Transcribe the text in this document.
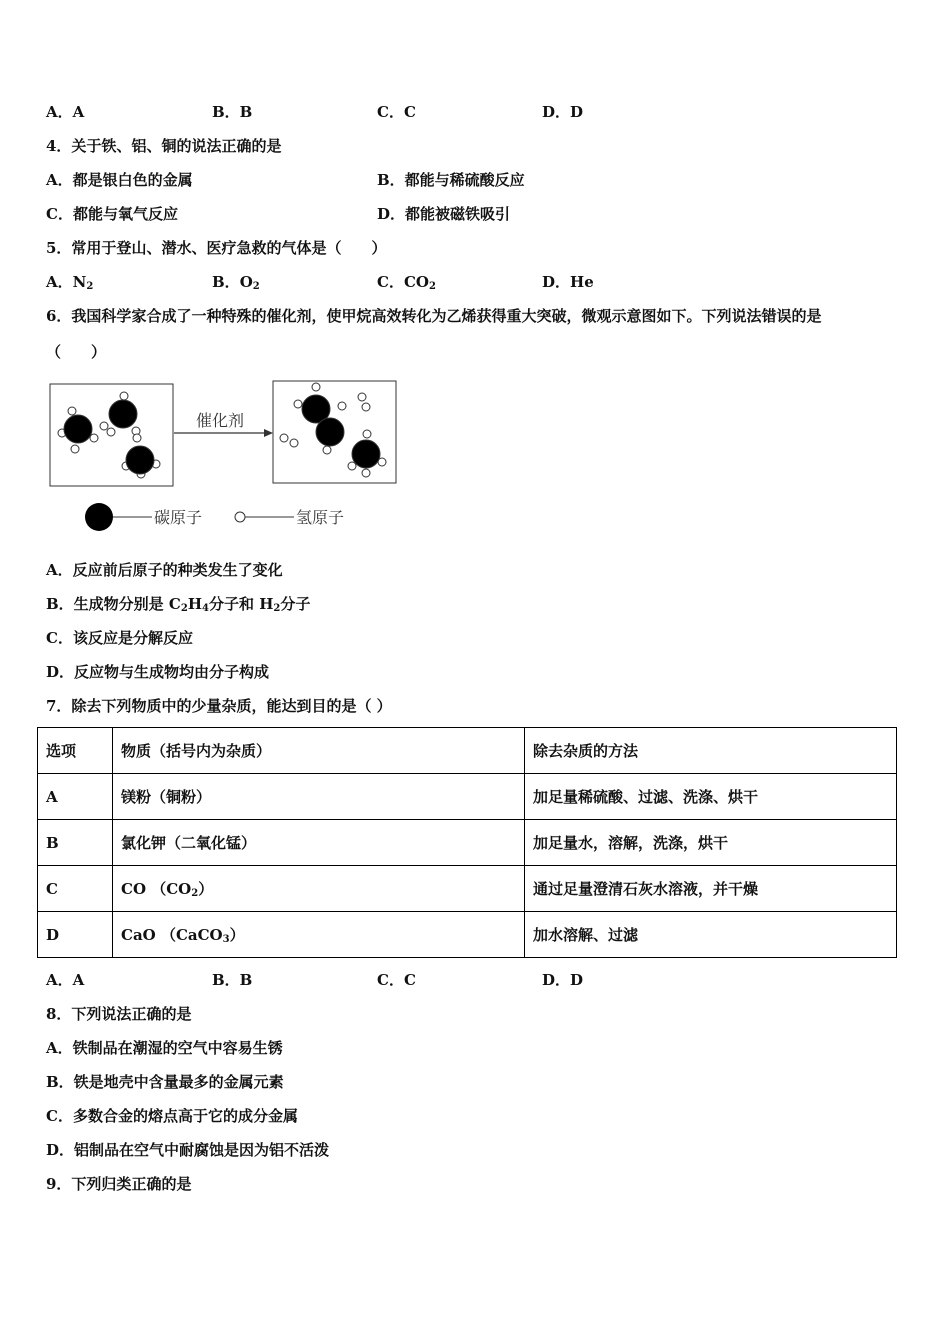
A．A	B．B	C．C	D．D
4．关于铁、铝、铜的说法正确的是
A．都是银白色的金属	B．都能与稀硫酸反应
C．都能与氧气反应	D．都能被磁铁吸引
5．常用于登山、潜水、医疗急救的气体是（　　）
A．$N_2$	B．$O_2$	C．$CO_2$	D．He
6．我国科学家合成了一种特殊的催化剂，使甲烷高效转化为乙烯获得重大突破，微观示意图如下。下列说法错误的是
（　　）
催化剂
碳原子	氢原子
A．反应前后原子的种类发生了变化
B．生成物分别是 $C_2H_4$分子和 $H_2$分子
C．该反应是分解反应
D．反应物与生成物均由分子构成
7．除去下列物质中的少量杂质，能达到目的是（ ）
选项	物质（括号内为杂质）	除去杂质的方法
A	镁粉（铜粉）	加足量稀硫酸、过滤、洗涤、烘干
B	氯化钾（二氧化锰）	加足量水，溶解，洗涤，烘干
C	CO $(CO_2)$	通过足量澄清石灰水溶液，并干燥
D	CaO （CaCO$_3$）	加水溶解、过滤
A．A	B．B	C．C	D．D
8．下列说法正确的是
A．铁制品在潮湿的空气中容易生锈
B．铁是地壳中含量最多的金属元素
C．多数合金的熔点高于它的成分金属
D．铝制品在空气中耐腐蚀是因为铝不活泼
9．下列归类正确的是
